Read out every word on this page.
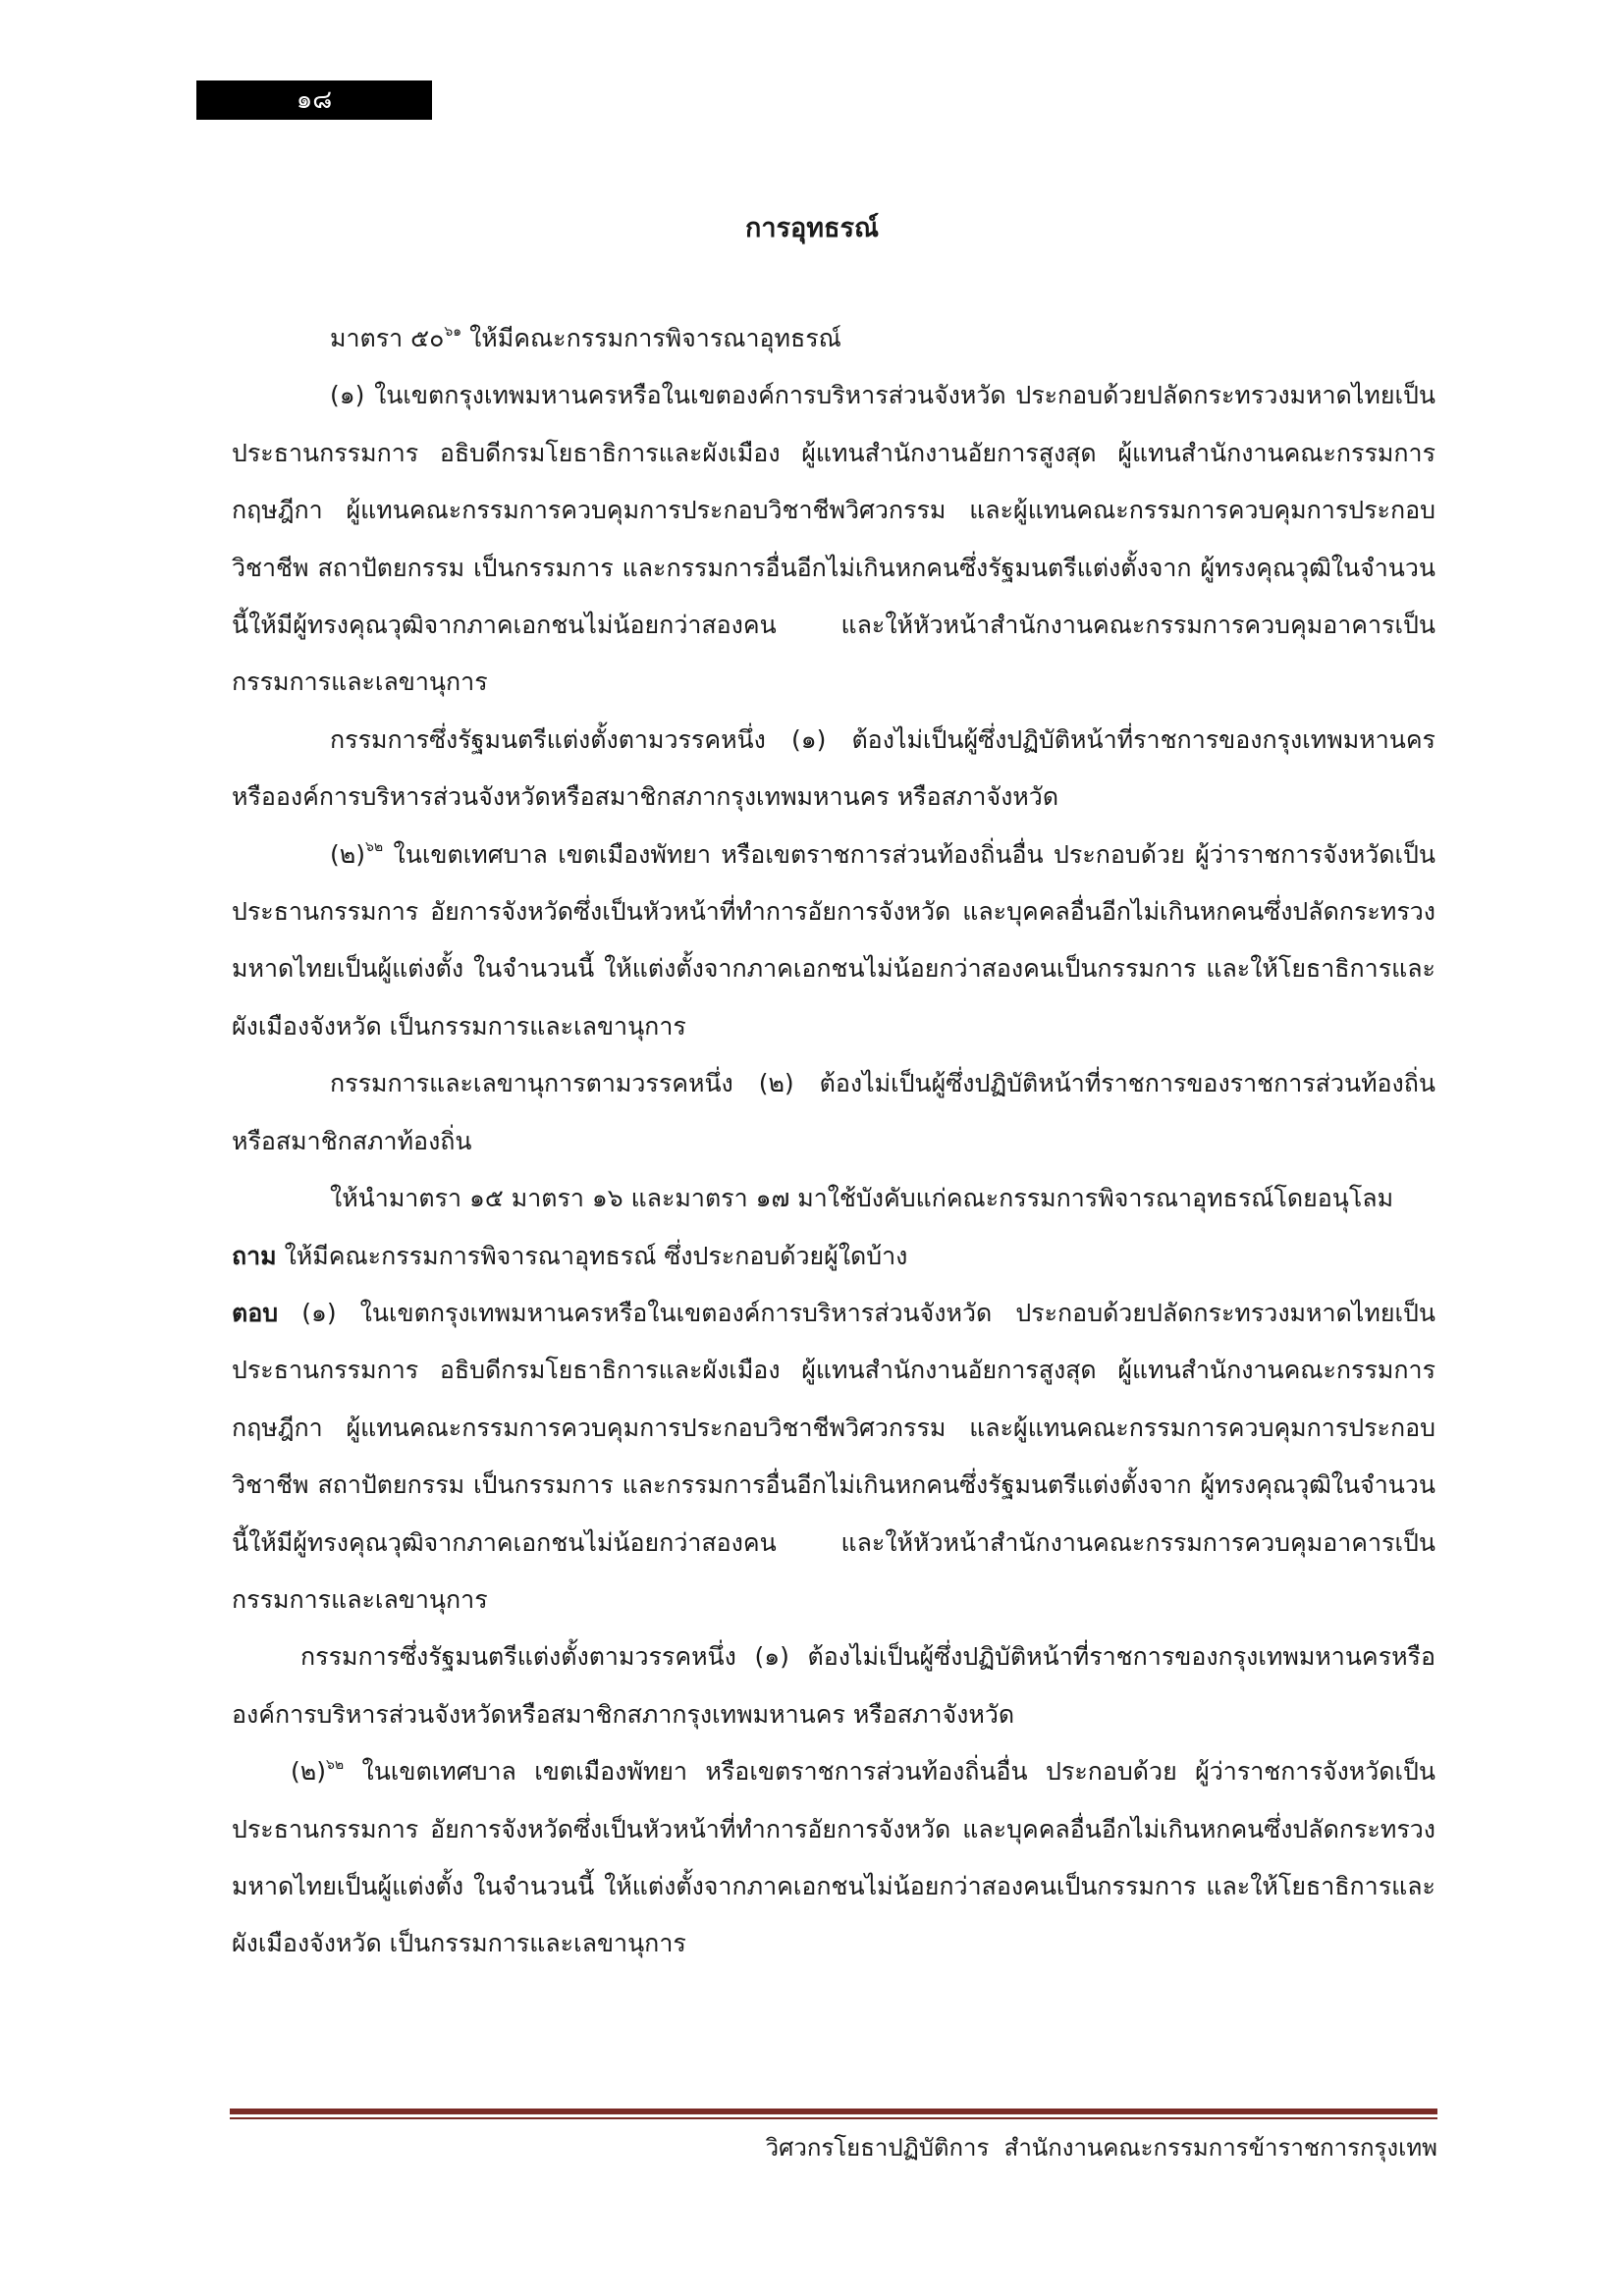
๑๘
การอุทธรณ์

มาตรา ๕๐$^{๖๑}$ ให้มีคณะกรรมการพิจารณาอุทธรณ์

(๑) ในเขตกรุงเทพมหานครหรือในเขตองค์การบริหารส่วนจังหวัด ประกอบด้วยปลัดกระทรวงมหาดไทยเป็นประธานกรรมการ อธิบดีกรมโยธาธิการและผังเมือง ผู้แทนสำนักงานอัยการสูงสุด ผู้แทนสำนักงานคณะกรรมการกฤษฎีกา ผู้แทนคณะกรรมการควบคุมการประกอบวิชาชีพวิศวกรรม และผู้แทนคณะกรรมการควบคุมการประกอบวิชาชีพ สถาปัตยกรรม เป็นกรรมการ และกรรมการอื่นอีกไม่เกินหกคนซึ่งรัฐมนตรีแต่งตั้งจาก ผู้ทรงคุณวุฒิในจำนวนนี้ให้มีผู้ทรงคุณวุฒิจากภาคเอกชนไม่น้อยกว่าสองคน และให้หัวหน้าสำนักงานคณะกรรมการควบคุมอาคารเป็นกรรมการและเลขานุการ

กรรมการซึ่งรัฐมนตรีแต่งตั้งตามวรรคหนึ่ง (๑) ต้องไม่เป็นผู้ซึ่งปฏิบัติหน้าที่ราชการของกรุงเทพมหานครหรือองค์การบริหารส่วนจังหวัดหรือสมาชิกสภากรุงเทพมหานคร หรือสภาจังหวัด

(๒)$^{๖๒}$ ในเขตเทศบาล เขตเมืองพัทยา หรือเขตราชการส่วนท้องถิ่นอื่น ประกอบด้วย ผู้ว่าราชการจังหวัดเป็นประธานกรรมการ อัยการจังหวัดซึ่งเป็นหัวหน้าที่ทำการอัยการจังหวัด และบุคคลอื่นอีกไม่เกินหกคนซึ่งปลัดกระทรวงมหาดไทยเป็นผู้แต่งตั้ง ในจำนวนนี้ ให้แต่งตั้งจากภาคเอกชนไม่น้อยกว่าสองคนเป็นกรรมการ และให้โยธาธิการและผังเมืองจังหวัด เป็นกรรมการและเลขานุการ

กรรมการและเลขานุการตามวรรคหนึ่ง (๒) ต้องไม่เป็นผู้ซึ่งปฏิบัติหน้าที่ราชการของราชการส่วนท้องถิ่นหรือสมาชิกสภาท้องถิ่น

ให้นำมาตรา ๑๕ มาตรา ๑๖ และมาตรา ๑๗ มาใช้บังคับแก่คณะกรรมการพิจารณาอุทธรณ์โดยอนุโลม

ถาม ให้มีคณะกรรมการพิจารณาอุทธรณ์ ซึ่งประกอบด้วยผู้ใดบ้าง

ตอบ (๑) ในเขตกรุงเทพมหานครหรือในเขตองค์การบริหารส่วนจังหวัด ประกอบด้วยปลัดกระทรวงมหาดไทยเป็นประธานกรรมการ อธิบดีกรมโยธาธิการและผังเมือง ผู้แทนสำนักงานอัยการสูงสุด ผู้แทนสำนักงานคณะกรรมการกฤษฎีกา ผู้แทนคณะกรรมการควบคุมการประกอบวิชาชีพวิศวกรรม และผู้แทนคณะกรรมการควบคุมการประกอบวิชาชีพ สถาปัตยกรรม เป็นกรรมการ และกรรมการอื่นอีกไม่เกินหกคนซึ่งรัฐมนตรีแต่งตั้งจาก ผู้ทรงคุณวุฒิในจำนวนนี้ให้มีผู้ทรงคุณวุฒิจากภาคเอกชนไม่น้อยกว่าสองคน และให้หัวหน้าสำนักงานคณะกรรมการควบคุมอาคารเป็นกรรมการและเลขานุการ

กรรมการซึ่งรัฐมนตรีแต่งตั้งตามวรรคหนึ่ง (๑) ต้องไม่เป็นผู้ซึ่งปฏิบัติหน้าที่ราชการของกรุงเทพมหานครหรือองค์การบริหารส่วนจังหวัดหรือสมาชิกสภากรุงเทพมหานคร หรือสภาจังหวัด

(๒)$^{๖๒}$ ในเขตเทศบาล เขตเมืองพัทยา หรือเขตราชการส่วนท้องถิ่นอื่น ประกอบด้วย ผู้ว่าราชการจังหวัดเป็นประธานกรรมการ อัยการจังหวัดซึ่งเป็นหัวหน้าที่ทำการอัยการจังหวัด และบุคคลอื่นอีกไม่เกินหกคนซึ่งปลัดกระทรวงมหาดไทยเป็นผู้แต่งตั้ง ในจำนวนนี้ ให้แต่งตั้งจากภาคเอกชนไม่น้อยกว่าสองคนเป็นกรรมการ และให้โยธาธิการและผังเมืองจังหวัด เป็นกรรมการและเลขานุการ

วิศวกรโยธาปฏิบัติการ  สำนักงานคณะกรรมการข้าราชการกรุงเทพ
